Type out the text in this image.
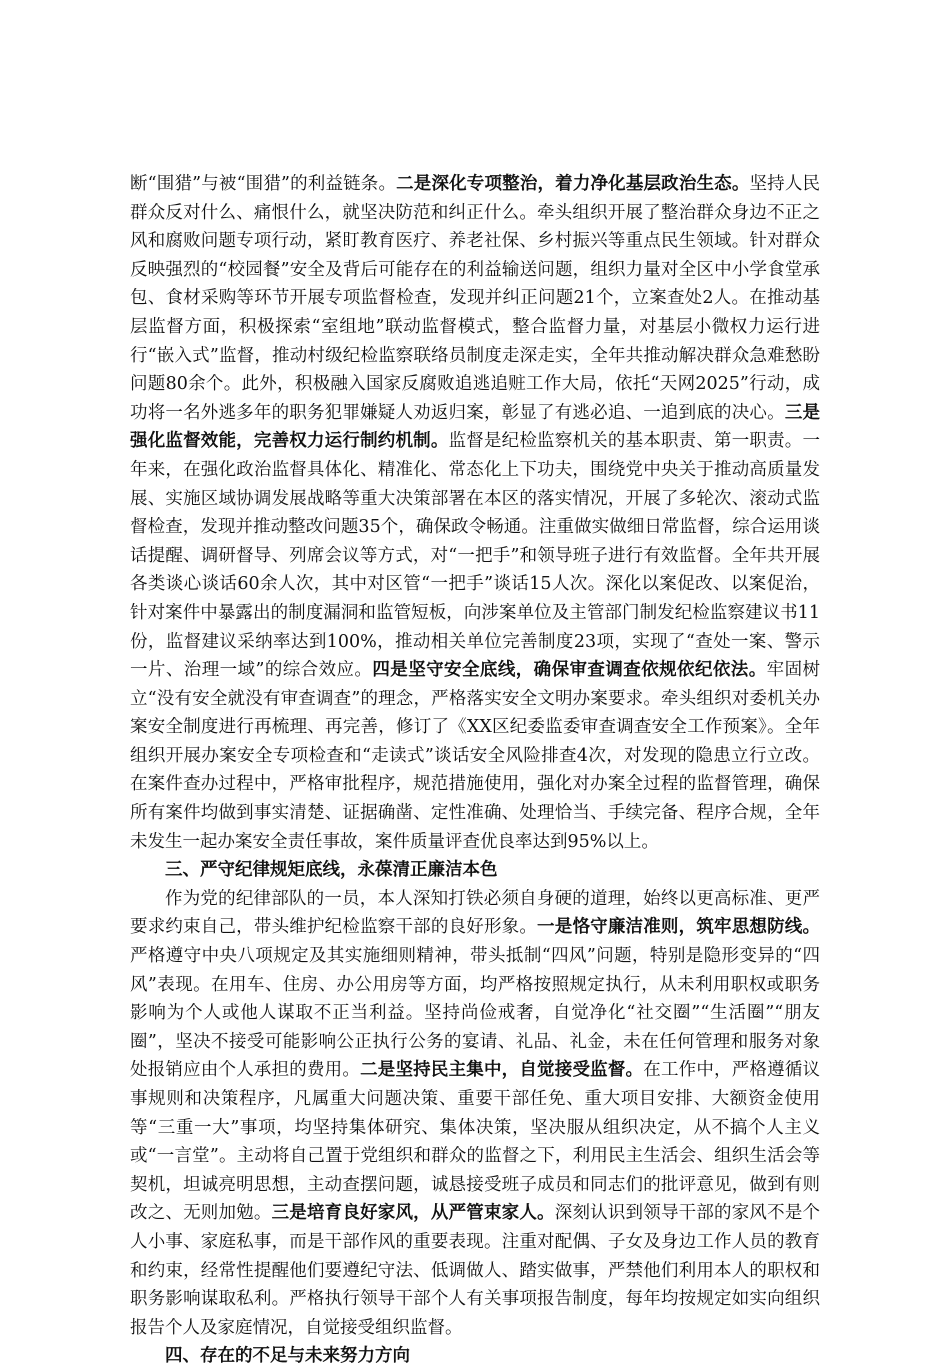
断“围猎”与被“围猎”的利益链条。二是深化专项整治，着力净化基层政治生态。坚持人民群众反对什么、痛恨什么，就坚决防范和纠正什么。牵头组织开展了整治群众身边不正之风和腐败问题专项行动，紧盯教育医疗、养老社保、乡村振兴等重点民生领域。针对群众反映强烈的“校园餐”安全及背后可能存在的利益输送问题，组织力量对全区中小学食堂承包、食材采购等环节开展专项监督检查，发现并纠正问题21个，立案查处2人。在推动基层监督方面，积极探索“室组地”联动监督模式，整合监督力量，对基层小微权力运行进行“嵌入式”监督，推动村级纪检监察联络员制度走深走实，全年共推动解决群众急难愁盼问题80余个。此外，积极融入国家反腐败追逃追赃工作大局，依托“天网2025”行动，成功将一名外逃多年的职务犯罪嫌疑人劝返归案，彰显了有逃必追、一追到底的决心。三是强化监督效能，完善权力运行制约机制。监督是纪检监察机关的基本职责、第一职责。一年来，在强化政治监督具体化、精准化、常态化上下功夫，围绕党中央关于推动高质量发展、实施区域协调发展战略等重大决策部署在本区的落实情况，开展了多轮次、滚动式监督检查，发现并推动整改问题35个，确保政令畅通。注重做实做细日常监督，综合运用谈话提醒、调研督导、列席会议等方式，对“一把手”和领导班子进行有效监督。全年共开展各类谈心谈话60余人次，其中对区管“一把手”谈话15人次。深化以案促改、以案促治，针对案件中暴露出的制度漏洞和监管短板，向涉案单位及主管部门制发纪检监察建议书11份，监督建议采纳率达到100%，推动相关单位完善制度23项，实现了“查处一案、警示一片、治理一域”的综合效应。四是坚守安全底线，确保审查调查依规依纪依法。牢固树立“没有安全就没有审查调查”的理念，严格落实安全文明办案要求。牵头组织对委机关办案安全制度进行再梳理、再完善，修订了《XX区纪委监委审查调查安全工作预案》。全年组织开展办案安全专项检查和“走读式”谈话安全风险排查4次，对发现的隐患立行立改。在案件查办过程中，严格审批程序，规范措施使用，强化对办案全过程的监督管理，确保所有案件均做到事实清楚、证据确凿、定性准确、处理恰当、手续完备、程序合规，全年未发生一起办案安全责任事故，案件质量评查优良率达到95%以上。

三、严守纪律规矩底线，永葆清正廉洁本色

作为党的纪律部队的一员，本人深知打铁必须自身硬的道理，始终以更高标准、更严要求约束自己，带头维护纪检监察干部的良好形象。一是恪守廉洁准则，筑牢思想防线。严格遵守中央八项规定及其实施细则精神，带头抵制“四风”问题，特别是隐形变异的“四风”表现。在用车、住房、办公用房等方面，均严格按照规定执行，从未利用职权或职务影响为个人或他人谋取不正当利益。坚持尚俭戒奢，自觉净化“社交圈”“生活圈”“朋友圈”，坚决不接受可能影响公正执行公务的宴请、礼品、礼金，未在任何管理和服务对象处报销应由个人承担的费用。二是坚持民主集中，自觉接受监督。在工作中，严格遵循议事规则和决策程序，凡属重大问题决策、重要干部任免、重大项目安排、大额资金使用等“三重一大”事项，均坚持集体研究、集体决策，坚决服从组织决定，从不搞个人主义或“一言堂”。主动将自己置于党组织和群众的监督之下，利用民主生活会、组织生活会等契机，坦诚亮明思想，主动查摆问题，诚恳接受班子成员和同志们的批评意见，做到有则改之、无则加勉。三是培育良好家风，从严管束家人。深刻认识到领导干部的家风不是个人小事、家庭私事，而是干部作风的重要表现。注重对配偶、子女及身边工作人员的教育和约束，经常性提醒他们要遵纪守法、低调做人、踏实做事，严禁他们利用本人的职权和职务影响谋取私利。严格执行领导干部个人有关事项报告制度，每年均按规定如实向组织报告个人及家庭情况，自觉接受组织监督。

四、存在的不足与未来努力方向
